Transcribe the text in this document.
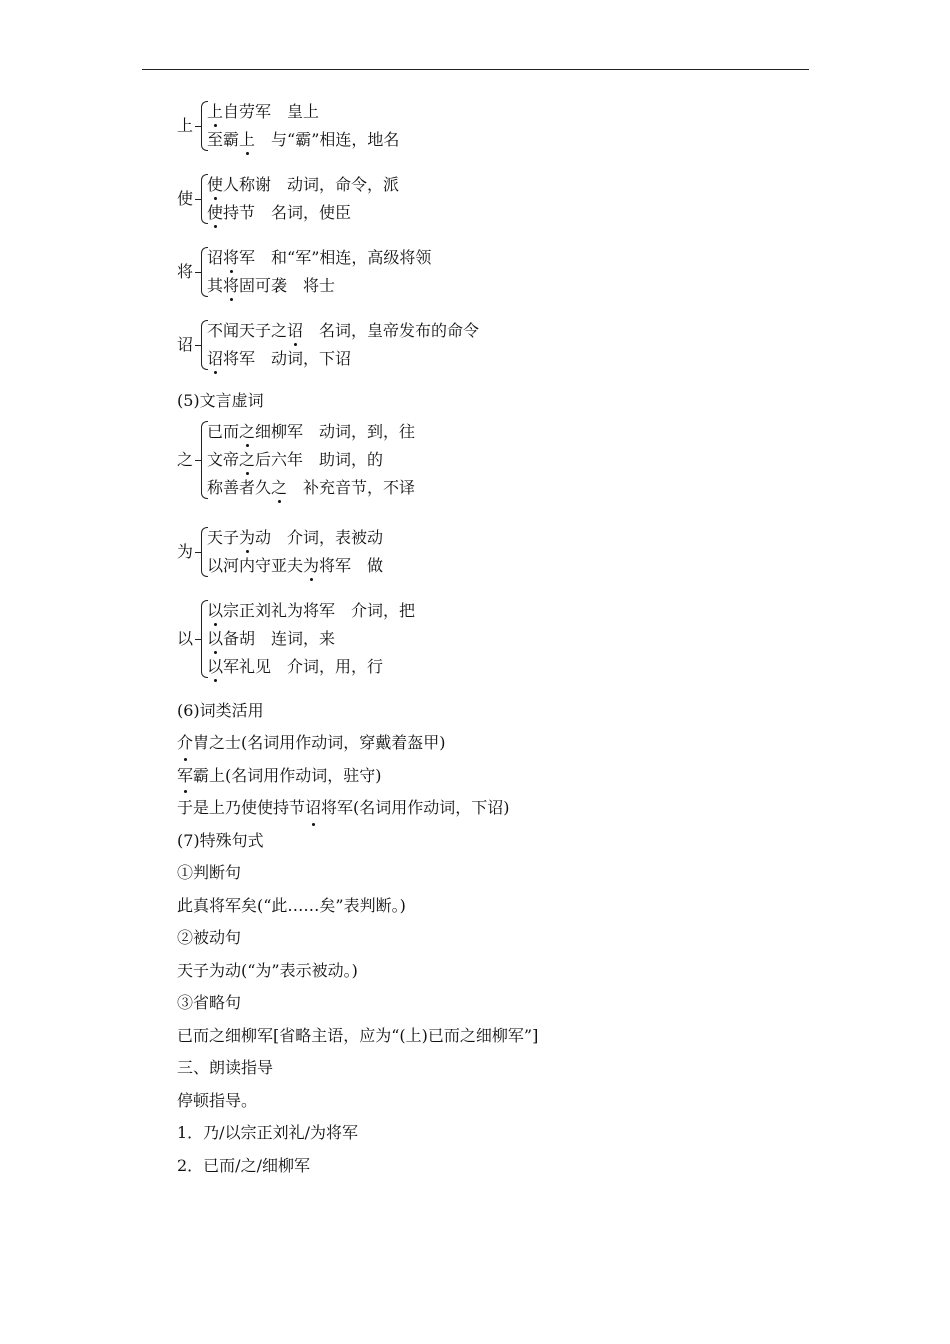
上
上自劳军 皇上
至霸上 与“霸”相连，地名
使
使人称谢 动词，命令，派
使持节 名词，使臣
将
诏将军 和“军”相连，高级将领
其将固可袭 将士
诏
不闻天子之诏 名词，皇帝发布的命令
诏将军 动词，下诏
(5)文言虚词
之
已而之细柳军 动词，到，往
文帝之后六年 助词，的
称善者久之 补充音节，不译
为
天子为动 介词，表被动
以河内守亚夫为将军 做
以
以宗正刘礼为将军 介词，把
以备胡 连词，来
以军礼见 介词，用，行
(6)词类活用
介胄之士(名词用作动词，穿戴着盔甲)
军霸上(名词用作动词，驻守)
于是上乃使使持节诏将军(名词用作动词，下诏)
(7)特殊句式
①判断句
此真将军矣(“此……矣”表判断。)
②被动句
天子为动(“为”表示被动。)
③省略句
已而之细柳军[省略主语，应为“(上)已而之细柳军”]
三、朗读指导
停顿指导。
1．乃/以宗正刘礼/为将军
2．已而/之/细柳军
